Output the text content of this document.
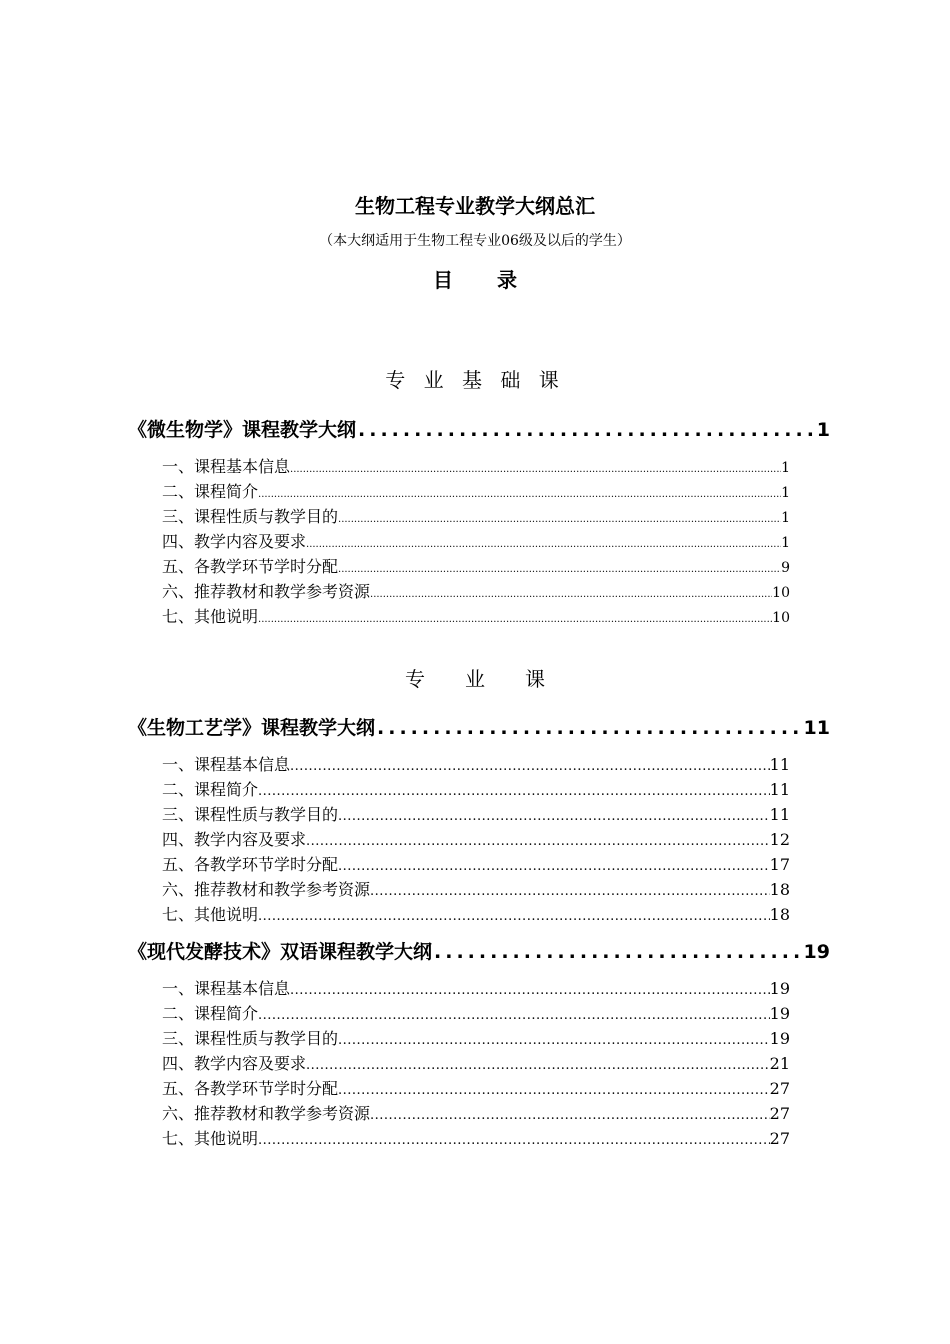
生物工程专业教学大纲总汇
（本大纲适用于生物工程专业06级及以后的学生）
目录
专 业 基 础 课
《微生物学》课程教学大纲 .....	1
一、课程基本信息 .....	1
二、课程简介 .....	1
三、课程性质与教学目的 .....	1
四、教学内容及要求 .....	1
五、各教学环节学时分配 .....	9
六、推荐教材和教学参考资源 .....	10
七、其他说明 .....	10
专　　业　　课
《生物工艺学》课程教学大纲 .....	11
一、课程基本信息 .....	11
二、课程简介 .....	11
三、课程性质与教学目的 .....	11
四、教学内容及要求 .....	12
五、各教学环节学时分配 .....	17
六、推荐教材和教学参考资源 .....	18
七、其他说明 .....	18
《现代发酵技术》双语课程教学大纲 .....	19
一、课程基本信息 .....	19
二、课程简介 .....	19
三、课程性质与教学目的 .....	19
四、教学内容及要求 .....	21
五、各教学环节学时分配 .....	27
六、推荐教材和教学参考资源 .....	27
七、其他说明 .....	27
